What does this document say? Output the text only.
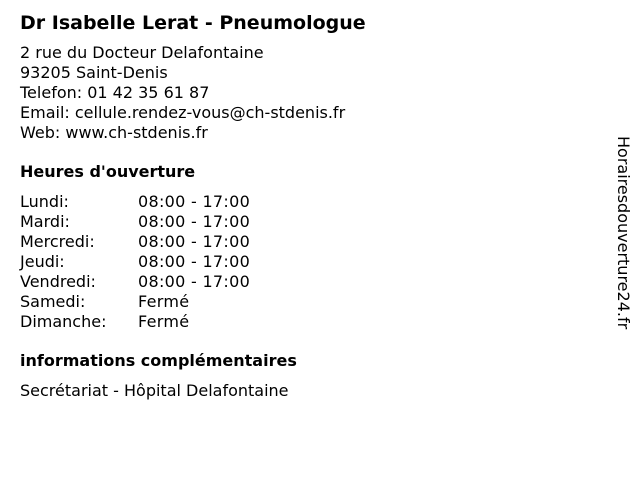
Dr Isabelle Lerat - Pneumologue
2 rue du Docteur Delafontaine
93205 Saint-Denis
Telefon: 01 42 35 61 87
Email: cellule.rendez-vous@ch-stdenis.fr
Web: www.ch-stdenis.fr
Heures d'ouverture
Lundi:	08:00 - 17:00
Mardi:	08:00 - 17:00
Mercredi:	08:00 - 17:00
Jeudi:	08:00 - 17:00
Vendredi:	08:00 - 17:00
Samedi:	Fermé
Dimanche:	Fermé
informations complémentaires
Secrétariat - Hôpital Delafontaine
Horairesdouverture24.fr
